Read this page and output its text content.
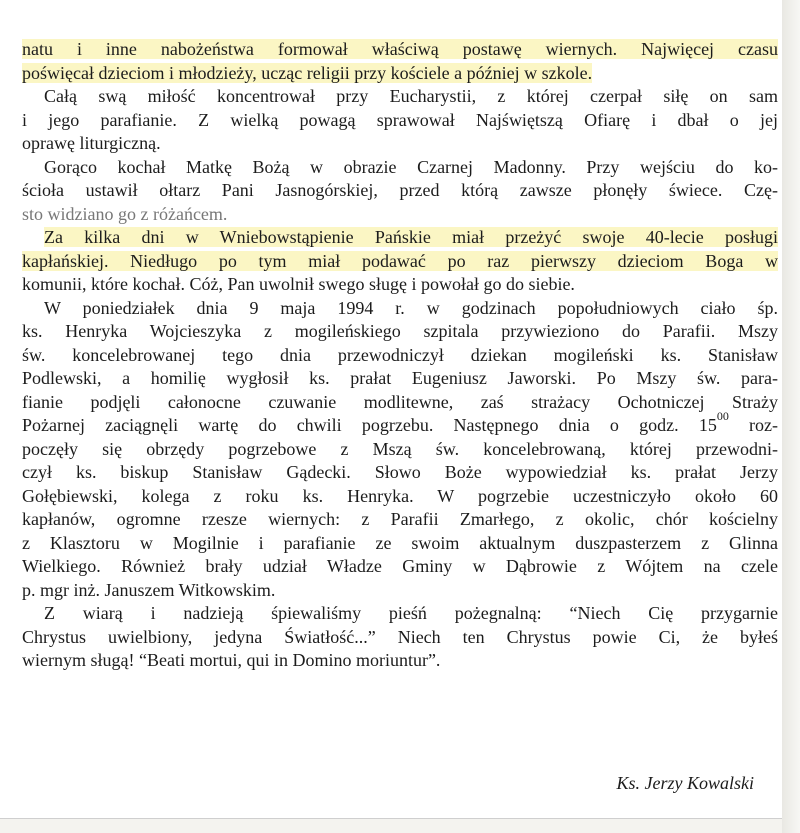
natu i inne nabożeństwa formował właściwą postawę wiernych. Najwięcej czasu
poświęcał dzieciom i młodzieży, ucząc religii przy kościele a później w szkole.
Całą swą miłość koncentrował przy Eucharystii, z której czerpał siłę on sam
i jego parafianie. Z wielką powagą sprawował Najświętszą Ofiarę i dbał o jej
oprawę liturgiczną.
Gorąco kochał Matkę Bożą w obrazie Czarnej Madonny. Przy wejściu do ko-
ścioła ustawił ołtarz Pani Jasnogórskiej, przed którą zawsze płonęły świece. Czę-
sto widziano go z różańcem.
Za kilka dni w Wniebowstąpienie Pańskie miał przeżyć swoje 40-lecie posługi
kapłańskiej. Niedługo po tym miał podawać po raz pierwszy dzieciom Boga w
komunii, które kochał. Cóż, Pan uwolnił swego sługę i powołał go do siebie.
W poniedziałek dnia 9 maja 1994 r. w godzinach popołudniowych ciało śp.
ks. Henryka Wojcieszyka z mogileńskiego szpitala przywieziono do Parafii. Mszy
św. koncelebrowanej tego dnia przewodniczył dziekan mogileński ks. Stanisław
Podlewski, a homilię wygłosił ks. prałat Eugeniusz Jaworski. Po Mszy św. para-
fianie podjęli całonocne czuwanie modlitewne, zaś strażacy Ochotniczej Straży
Pożarnej zaciągnęli wartę do chwili pogrzebu. Następnego dnia o godz. $15^{00}$ roz-
poczęły się obrzędy pogrzebowe z Mszą św. koncelebrowaną, której przewodni-
czył ks. biskup Stanisław Gądecki. Słowo Boże wypowiedział ks. prałat Jerzy
Gołębiewski, kolega z roku ks. Henryka. W pogrzebie uczestniczyło około 60
kapłanów, ogromne rzesze wiernych: z Parafii Zmarłego, z okolic, chór kościelny
z Klasztoru w Mogilnie i parafianie ze swoim aktualnym duszpasterzem z Glinna
Wielkiego. Również brały udział Władze Gminy w Dąbrowie z Wójtem na czele
p. mgr inż. Januszem Witkowskim.
Z wiarą i nadzieją śpiewaliśmy pieśń pożegnalną: “Niech Cię przygarnie
Chrystus uwielbiony, jedyna Światłość...” Niech ten Chrystus powie Ci, że byłeś
wiernym sługą! “Beati mortui, qui in Domino moriuntur”.
Ks. Jerzy Kowalski
